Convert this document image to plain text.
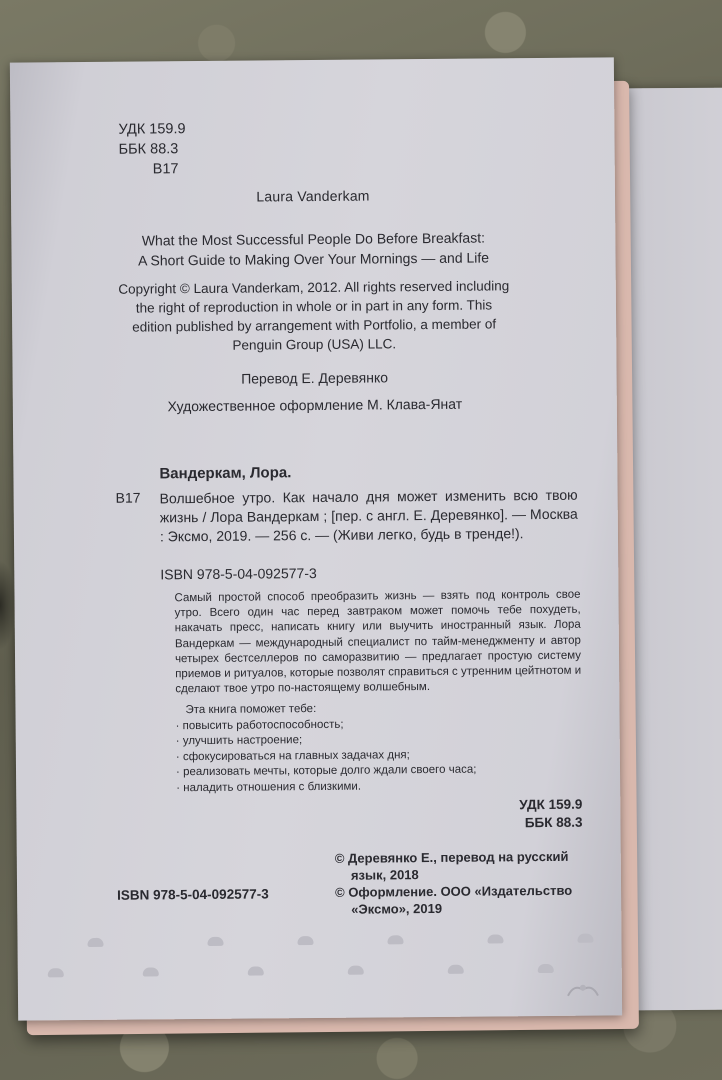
УДК 159.9
ББК 88.3
В17
Laura Vanderkam
What the Most Successful People Do Before Breakfast:
A Short Guide to Making Over Your Mornings — and Life
Copyright © Laura Vanderkam, 2012. All rights reserved including
the right of reproduction in whole or in part in any form. This
edition published by arrangement with Portfolio, a member of
Penguin Group (USA) LLC.
Перевод Е. Деревянко
Художественное оформление М. Клава-Янат
Вандеркам, Лора.
В17 Волшебное утро. Как начало дня может изменить всю твою жизнь / Лора Вандеркам ; [пер. с англ. Е. Деревянко]. — Москва : Эксмо, 2019. — 256 с. — (Живи легко, будь в тренде!).
ISBN 978-5-04-092577-3
Самый простой способ преобразить жизнь — взять под контроль свое утро. Всего один час перед завтраком может помочь тебе похудеть, накачать пресс, написать книгу или выучить иностранный язык. Лора Вандеркам — международный специалист по тайм-менеджменту и автор четырех бестселлеров по саморазвитию — предлагает простую систему приемов и ритуалов, которые позволят справиться с утренним цейтнотом и сделают твое утро по-настоящему волшебным.
Эта книга поможет тебе:
· повысить работоспособность;
· улучшить настроение;
· сфокусироваться на главных задачах дня;
· реализовать мечты, которые долго ждали своего часа;
· наладить отношения с близкими.
УДК 159.9
ББК 88.3
© Деревянко Е., перевод на русский
язык, 2018
© Оформление. ООО «Издательство
«Эксмо», 2019
ISBN 978-5-04-092577-3
